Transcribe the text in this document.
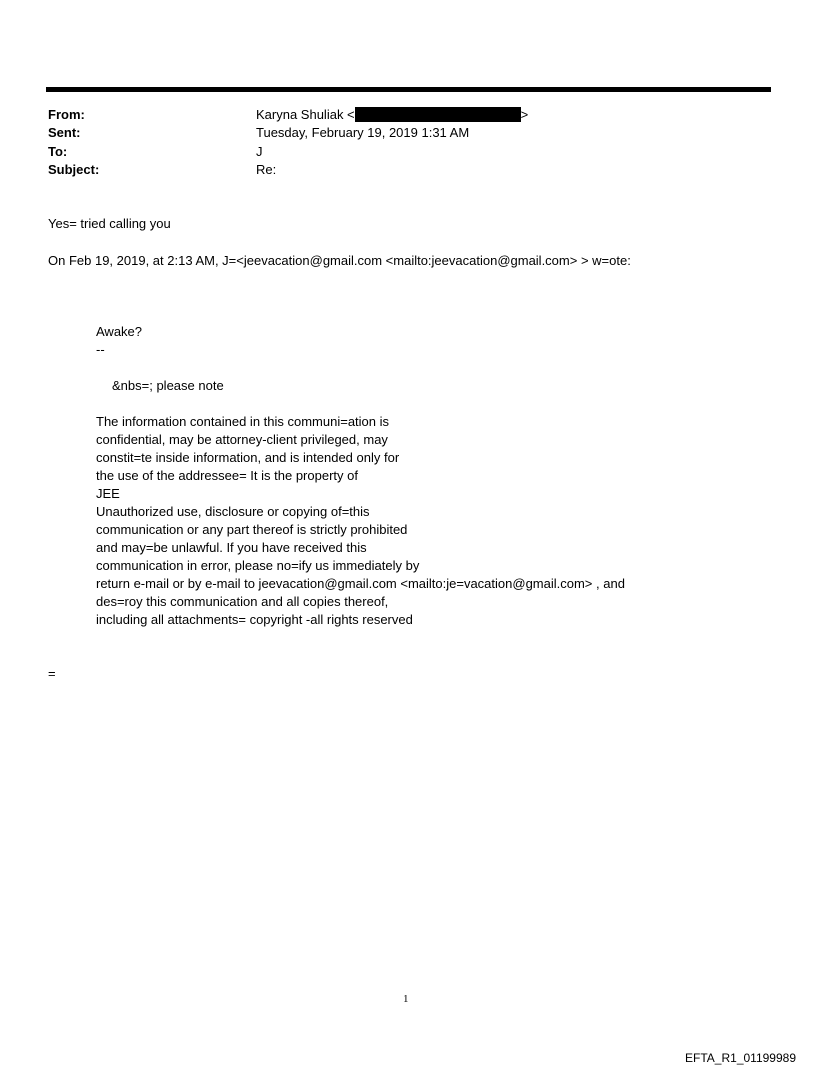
From:	Karyna Shuliak <	>
Sent:	Tuesday, February 19, 2019 1:31 AM
To:	J
Subject:	Re:
Yes= tried calling you
On Feb 19, 2019, at 2:13 AM, J=<jeevacation@gmail.com <mailto:jeevacation@gmail.com> > w=ote:
Awake?
--
&nbs=; please note
The information contained in this communi=ation is
confidential, may be attorney-client privileged, may
constit=te inside information, and is intended only for
the use of the addressee= It is the property of
JEE
Unauthorized use, disclosure or copying of=this
communication or any part thereof is strictly prohibited
and may=be unlawful. If you have received this
communication in error, please no=ify us immediately by
return e-mail or by e-mail to jeevacation@gmail.com <mailto:je=vacation@gmail.com> , and
des=roy this communication and all copies thereof,
including all attachments= copyright -all rights reserved
=
1
EFTA_R1_01199989
